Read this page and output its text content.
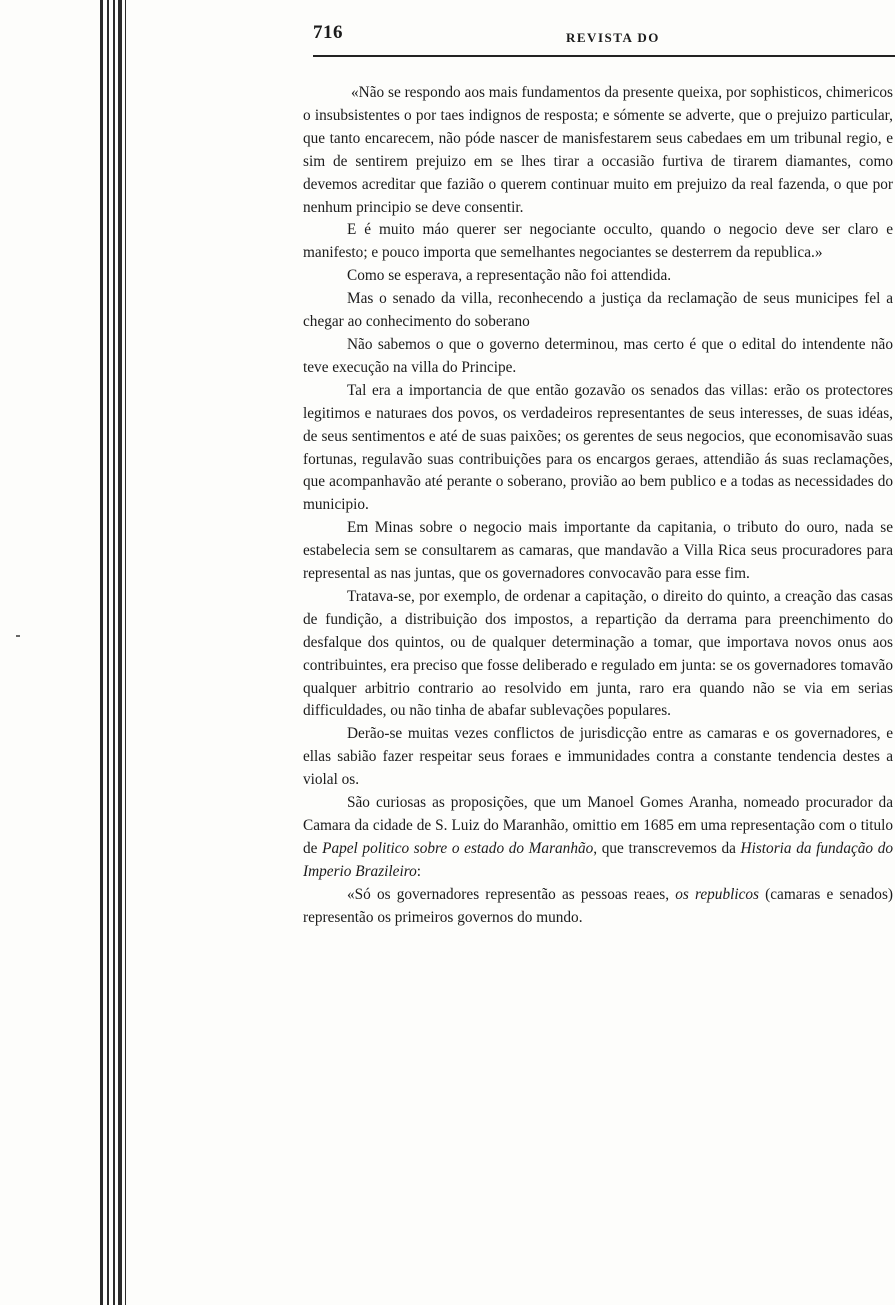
716	REVISTA DO

«Não se respondo aos mais fundamentos da presente queixa, por sophisticos, chimericos o insubsistentes o por taes indignos de resposta; e sómente se adverte, que o prejuizo particular, que tanto encarecem, não póde nascer de manisfestarem seus cabedaes em um tribunal regio, e sim de sentirem prejuizo em se lhes tirar a occasião furtiva de tirarem diamantes, como devemos acreditar que fazião o querem continuar muito em prejuizo da real fazenda, o que por nenhum principio se deve consentir.

E é muito máo querer ser negociante occulto, quando o negocio deve ser claro e manifesto; e pouco importa que semelhantes negociantes se desterrem da republica.»

Como se esperava, a representação não foi attendida.

Mas o senado da villa, reconhecendo a justiça da reclamação de seus municipes fel a chegar ao conhecimento do soberano

Não sabemos o que o governo determinou, mas certo é que o edital do intendente não teve execução na villa do Principe.

Tal era a importancia de que então gozavão os senados das villas: erão os protectores legitimos e naturaes dos povos, os verdadeiros representantes de seus interesses, de suas idéas, de seus sentimentos e até de suas paixões; os gerentes de seus negocios, que economisavão suas fortunas, regulavão suas contribuições para os encargos geraes, attendião ás suas reclamações, que acompanhavão até perante o soberano, provião ao bem publico e a todas as necessidades do municipio.

Em Minas sobre o negocio mais importante da capitania, o tributo do ouro, nada se estabelecia sem se consultarem as camaras, que mandavão a Villa Rica seus procuradores para represental as nas juntas, que os governadores convocavão para esse fim.

Tratava-se, por exemplo, de ordenar a capitação, o direito do quinto, a creação das casas de fundição, a distribuição dos impostos, a repartição da derrama para preenchimento do desfalque dos quintos, ou de qualquer determinação a tomar, que importava novos onus aos contribuintes, era preciso que fosse deliberado e regulado em junta: se os governadores tomavão qualquer arbitrio contrario ao resolvido em junta, raro era quando não se via em serias difficuldades, ou não tinha de abafar sublevações populares.

Derão-se muitas vezes conflictos de jurisdicção entre as camaras e os governadores, e ellas sabião fazer respeitar seus foraes e immunidades contra a constante tendencia destes a violal os.

São curiosas as proposições, que um Manoel Gomes Aranha, nomeado procurador da Camara da cidade de S. Luiz do Maranhão, omittio em 1685 em uma representação com o titulo de Papel politico sobre o estado do Maranhão, que transcrevemos da Historia da fundação do Imperio Brazileiro:

«Só os governadores representão as pessoas reaes, os republicos (camaras e senados) representão os primeiros governos do mundo.
